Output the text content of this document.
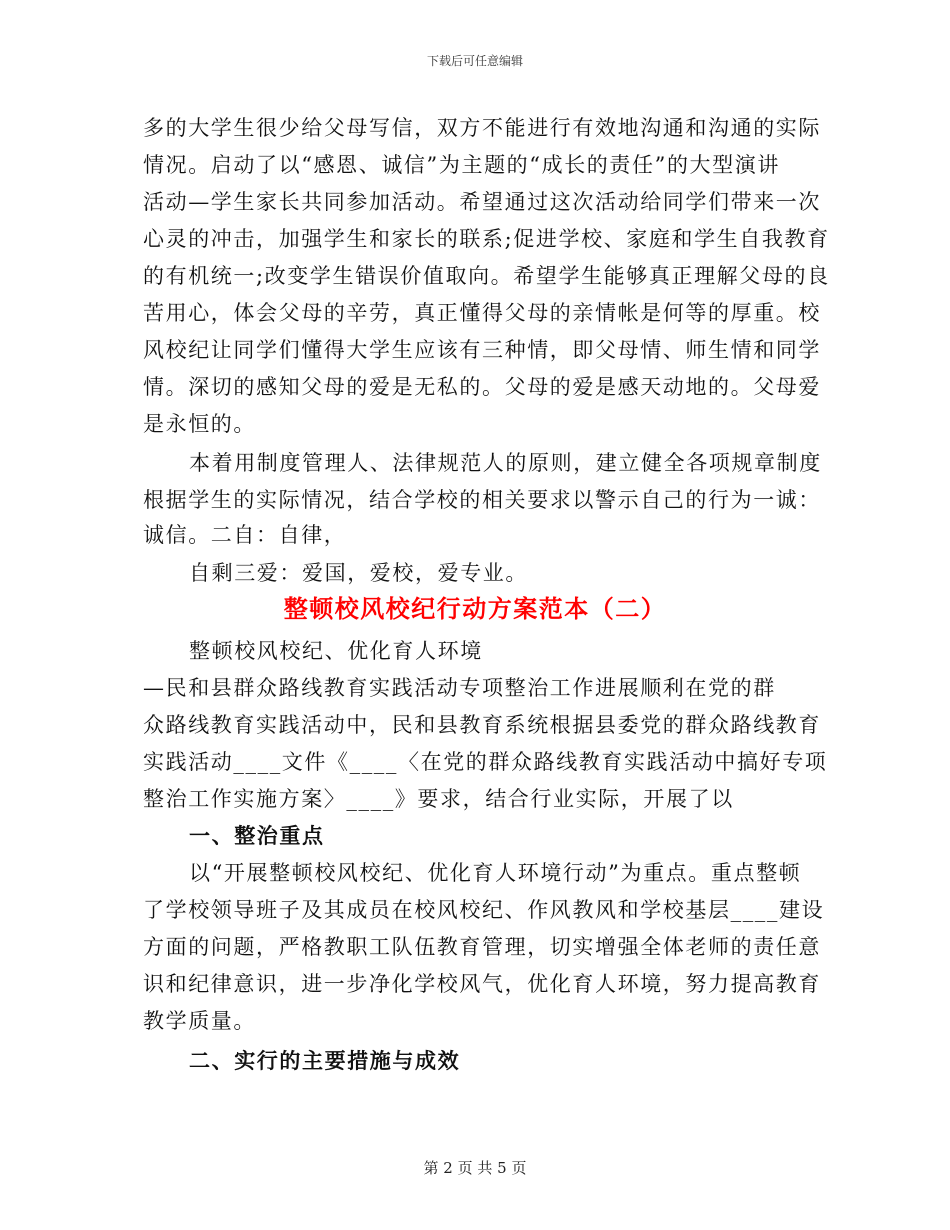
下载后可任意编辑
多的大学生很少给父母写信，双方不能进行有效地沟通和沟通的实际
情况。启动了以“感恩、诚信”为主题的“成长的责任”的大型演讲
活动—学生家长共同参加活动。希望通过这次活动给同学们带来一次
心灵的冲击，加强学生和家长的联系;促进学校、家庭和学生自我教育
的有机统一;改变学生错误价值取向。希望学生能够真正理解父母的良
苦用心，体会父母的辛劳，真正懂得父母的亲情帐是何等的厚重。校
风校纪让同学们懂得大学生应该有三种情，即父母情、师生情和同学
情。深切的感知父母的爱是无私的。父母的爱是感天动地的。父母爱
是永恒的。
本着用制度管理人、法律规范人的原则，建立健全各项规章制度
根据学生的实际情况，结合学校的相关要求以警示自己的行为一诚：
诚信。二自：自律，
自剩三爱：爱国，爱校，爱专业。
整顿校风校纪行动方案范本（二）
整顿校风校纪、优化育人环境
—民和县群众路线教育实践活动专项整治工作进展顺利在党的群
众路线教育实践活动中，民和县教育系统根据县委党的群众路线教育
实践活动____文件《____〈在党的群众路线教育实践活动中搞好专项
整治工作实施方案〉____》要求，结合行业实际，开展了以
一、整治重点
以“开展整顿校风校纪、优化育人环境行动”为重点。重点整顿
了学校领导班子及其成员在校风校纪、作风教风和学校基层____建设
方面的问题，严格教职工队伍教育管理，切实增强全体老师的责任意
识和纪律意识，进一步净化学校风气，优化育人环境，努力提高教育
教学质量。
二、实行的主要措施与成效
第 2 页 共 5 页
